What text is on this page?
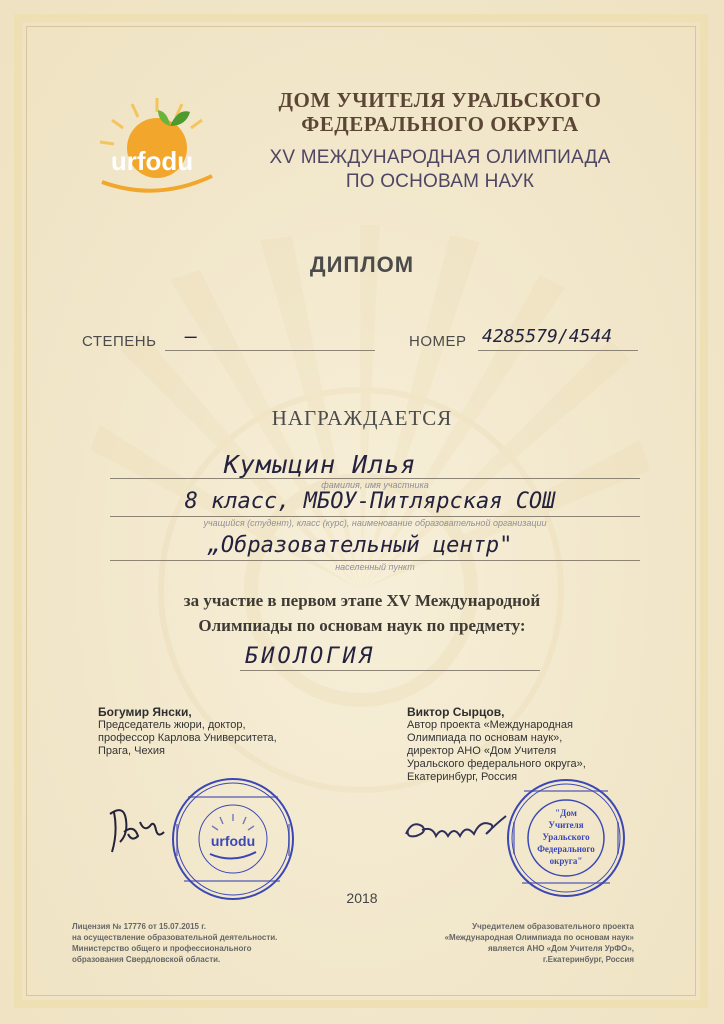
urfodu
ДОМ УЧИТЕЛЯ УРАЛЬСКОГО
ФЕДЕРАЛЬНОГО ОКРУГА
XV МЕЖДУНАРОДНАЯ ОЛИМПИАДА
ПО ОСНОВАМ НАУК
ДИПЛОМ
СТЕПЕНЬ —	НОМЕР 4285579/4544
НАГРАЖДАЕТСЯ
Кумыцин Илья
фамилия, имя участника
8 класс, МБОУ-Питлярская СОШ
учащийся (студент), класс (курс), наименование образовательной организации
„Образовательный центр"
населенный пункт
за участие в первом этапе XV Международной
Олимпиады по основам наук по предмету:
БИОЛОГИЯ
Богумир Янски,
Председатель жюри, доктор,
профессор Карлова Университета,
Прага, Чехия
Виктор Сырцов,
Автор проекта «Международная
Олимпиада по основам наук»,
директор АНО «Дом Учителя
Уральского федерального округа»,
Екатеринбург, Россия
urfodu
"Дом
Учителя
Уральского
Федерального
округа"
2018
Лицензия № 17776 от 15.07.2015 г.
на осуществление образовательной деятельности.
Министерство общего и профессионального
образования Свердловской области.
Учредителем образовательного проекта
«Международная Олимпиада по основам наук»
является АНО «Дом Учителя УрФО»,
г.Екатеринбург, Россия
